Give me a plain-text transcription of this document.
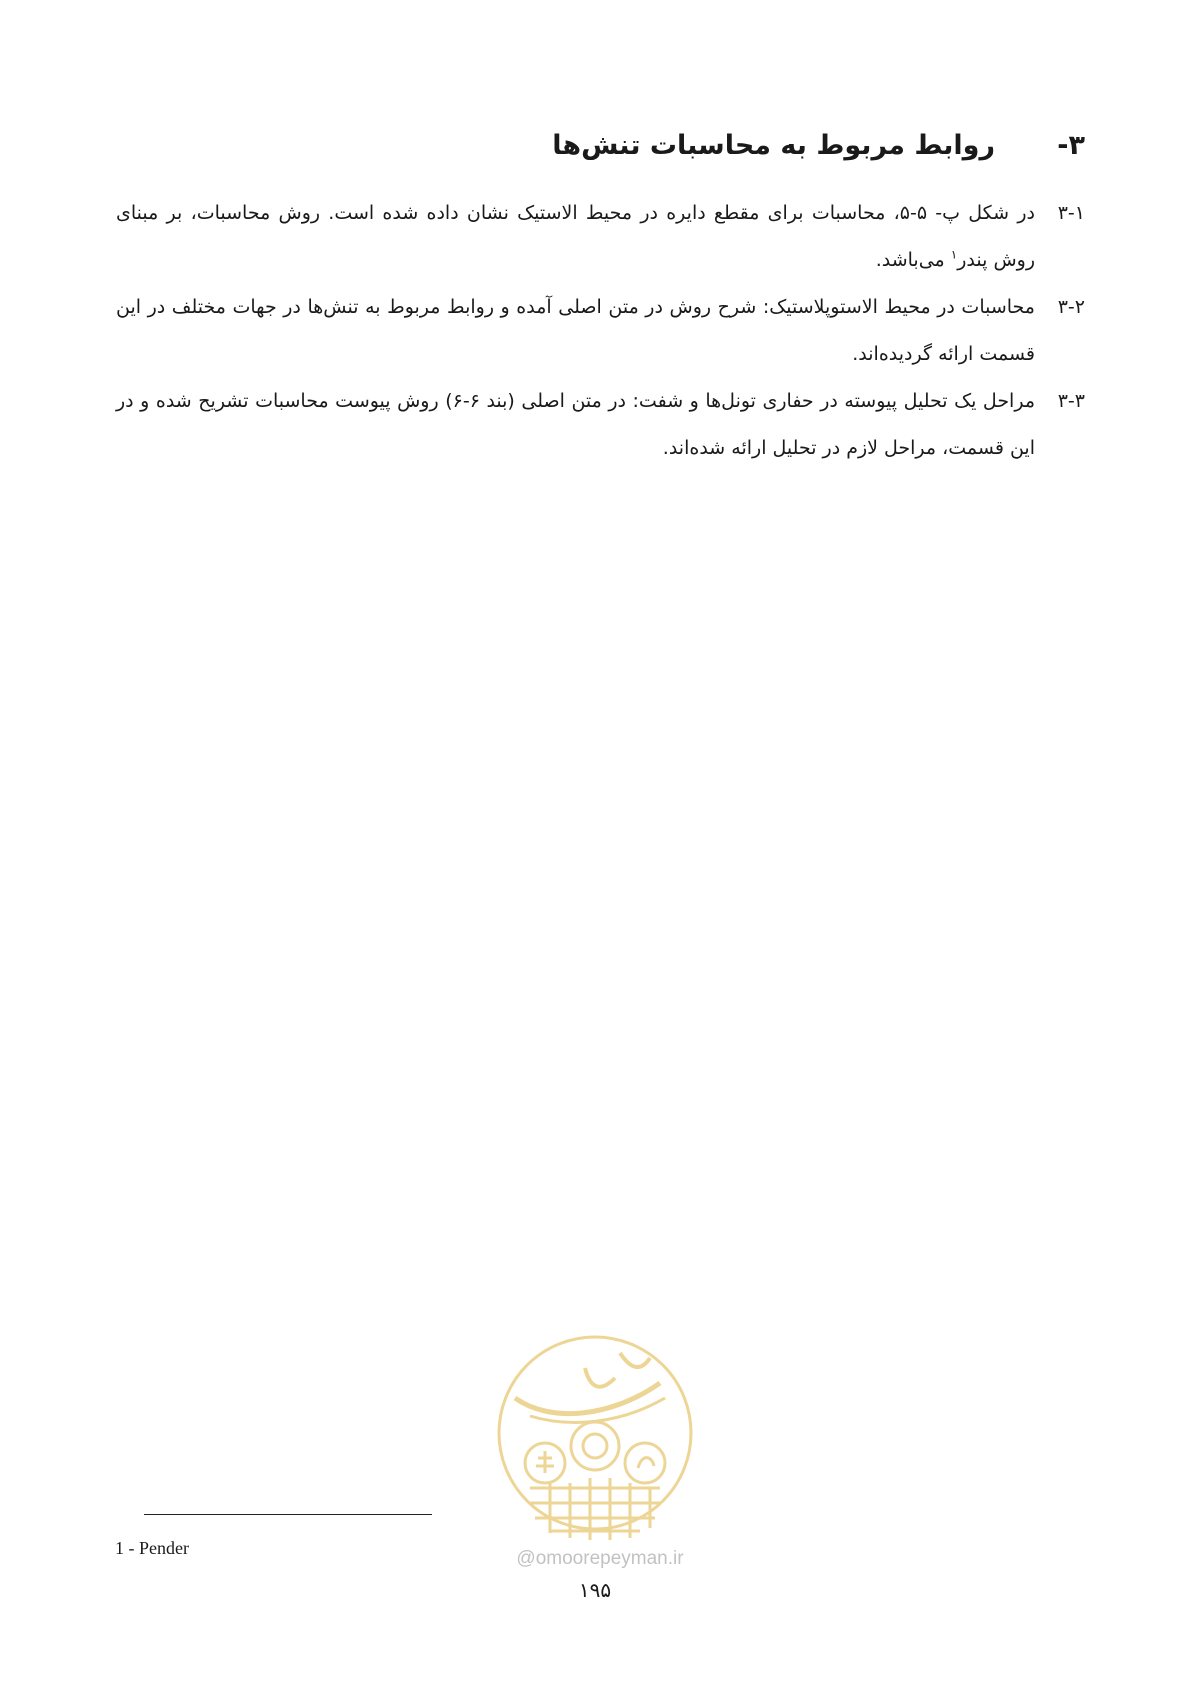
۳-
روابط مربوط به محاسبات تنش‌ها
۳-۱
در شکل پ- ۵-۵، محاسبات برای مقطع دایره در محیط الاستیک نشان داده شده است. روش محاسبات، بر مبنای روش پندر$^۱$ می‌باشد.
۳-۲
محاسبات در محیط الاستوپلاستیک: شرح روش در متن اصلی آمده و روابط مربوط به تنش‌ها در جهات مختلف در این قسمت ارائه گردیده‌اند.
۳-۳
مراحل یک تحلیل پیوسته در حفاری تونل‌ها و شفت: در متن اصلی (بند ۶-۶) روش پیوست محاسبات تشریح شده و در این قسمت، مراحل لازم در تحلیل ارائه شده‌اند.
@omoorepeyman.ir
1 - Pender
۱۹۵
